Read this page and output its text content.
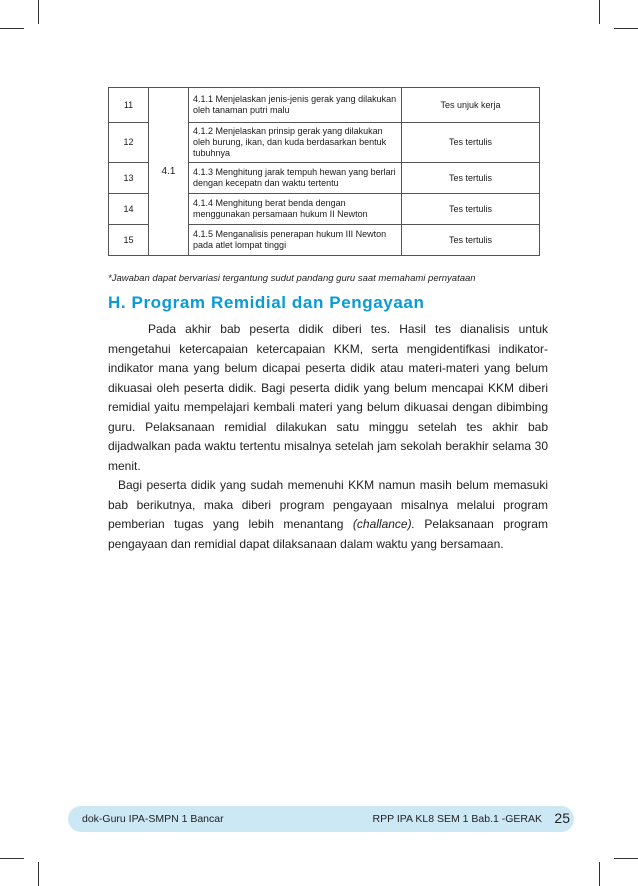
11	4.1	4.1.1 Menjelaskan jenis-jenis gerak yang dilakukan oleh tanaman putri malu	Tes unjuk kerja
12		4.1.2 Menjelaskan prinsip gerak yang dilakukan oleh burung, ikan, dan kuda berdasarkan bentuk tubuhnya	Tes tertulis
13		4.1.3 Menghitung jarak tempuh hewan yang berlari dengan kecepatn dan waktu tertentu	Tes tertulis
14		4.1.4 Menghitung berat benda dengan menggunakan persamaan hukum II Newton	Tes tertulis
15		4.1.5 Menganalisis penerapan hukum III Newton pada atlet lompat tinggi	Tes tertulis
*Jawaban dapat bervariasi tergantung sudut pandang guru saat memahami pernyataan
H. Program Remidial dan Pengayaan

Pada akhir bab peserta didik diberi tes. Hasil tes dianalisis untuk mengetahui ketercapaian ketercapaian KKM, serta mengidentifkasi indikator-indikator mana yang belum dicapai peserta didik atau materi-materi yang belum dikuasai oleh peserta didik. Bagi peserta didik yang belum mencapai KKM diberi remidial yaitu mempelajari kembali materi yang belum dikuasai dengan dibimbing guru. Pelaksanaan remidial dilakukan satu minggu setelah tes akhir bab dijadwalkan pada waktu tertentu misalnya setelah jam sekolah berakhir selama 30 menit.

Bagi peserta didik yang sudah memenuhi KKM namun masih belum memasuki bab berikutnya, maka diberi program pengayaan misalnya melalui program pemberian tugas yang lebih menantang (challance). Pelaksanaan program pengayaan dan remidial dapat dilaksanaan dalam waktu yang bersamaan.

dok-Guru IPA-SMPN 1 Bancar	RPP IPA KL8 SEM 1 Bab.1 -GERAK 25
